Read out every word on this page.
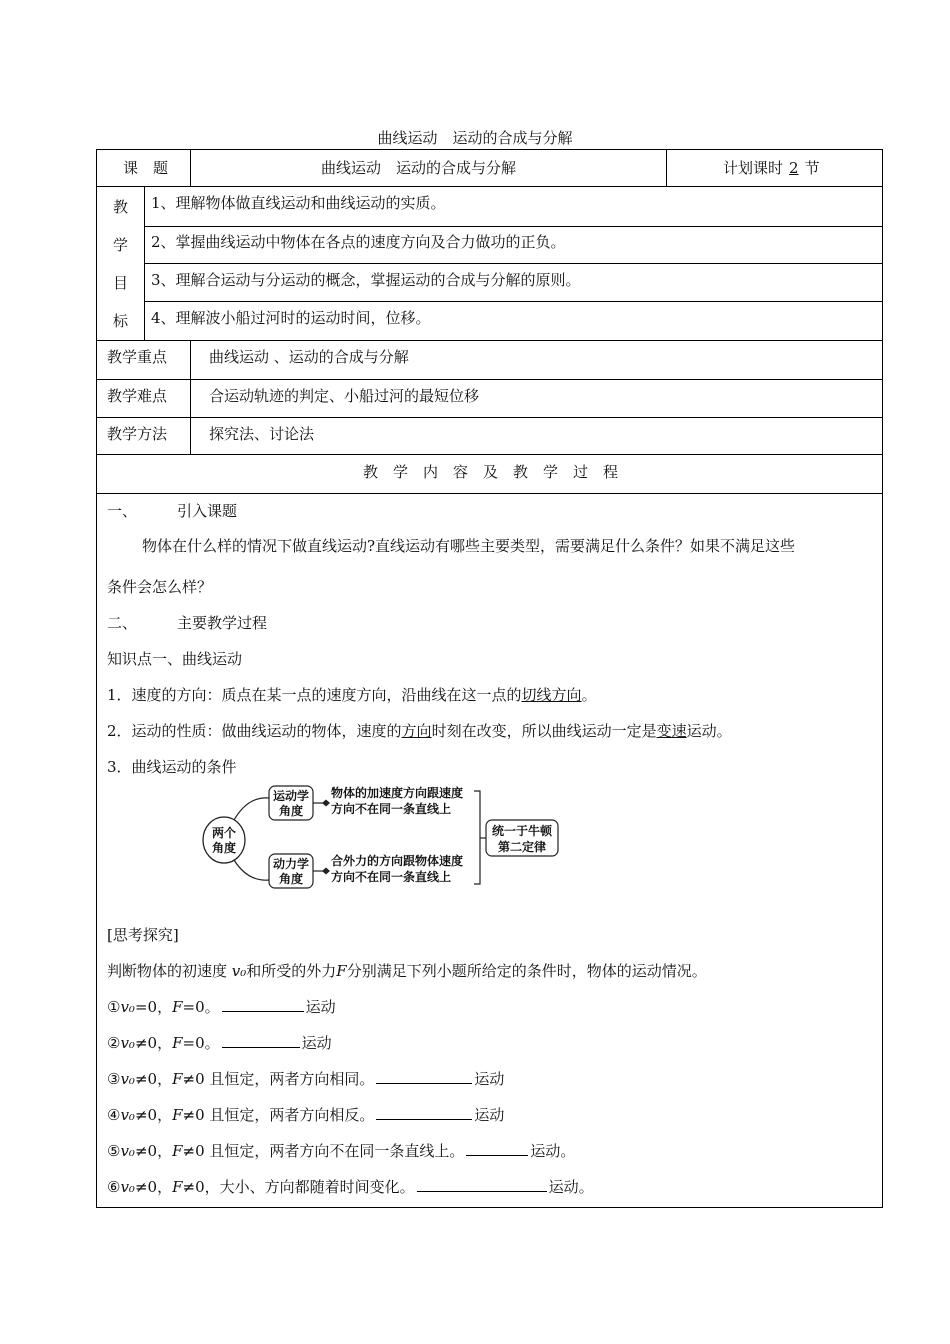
曲线运动　运动的合成与分解
课　题	曲线运动　运动的合成与分解	计划课时 2 节
教
学
目
标
1、理解物体做直线运动和曲线运动的实质。
2、掌握曲线运动中物体在各点的速度方向及合力做功的正负。
3、理解合运动与分运动的概念，掌握运动的合成与分解的原则。
4、理解波小船过河时的运动时间，位移。
教学重点	曲线运动 、运动的合成与分解
教学难点	合运动轨迹的判定、小船过河的最短位移
教学方法	探究法、讨论法
教　学　内　容　及　教　学　过　程
一、	引入课题
物体在什么样的情况下做直线运动?直线运动有哪些主要类型，需要满足什么条件？如果不满足这些
条件会怎么样？
二、	主要教学过程
知识点一、曲线运动
1．速度的方向：质点在某一点的速度方向，沿曲线在这一点的切线方向。
2．运动的性质：做曲线运动的物体，速度的方向时刻在改变，所以曲线运动一定是变速运动。
3．曲线运动的条件
[思考探究]
判断物体的初速度 v₀和所受的外力F分别满足下列小题所给定的条件时，物体的运动情况。
①v₀=0，F=0。	运动
②v₀≠0，F=0。	运动
③v₀≠0，F≠0 且恒定，两者方向相同。	运动
④v₀≠0，F≠0 且恒定，两者方向相反。	运动
⑤v₀≠0，F≠0 且恒定，两者方向不在同一条直线上。	运动。
⑥v₀≠0，F≠0，大小、方向都随着时间变化。	运动。
两个
角度
运动学
角度
物体的加速度方向跟速度
方向不在同一条直线上
动力学
角度
合外力的方向跟物体速度
方向不在同一条直线上
统一于牛顿
第二定律
